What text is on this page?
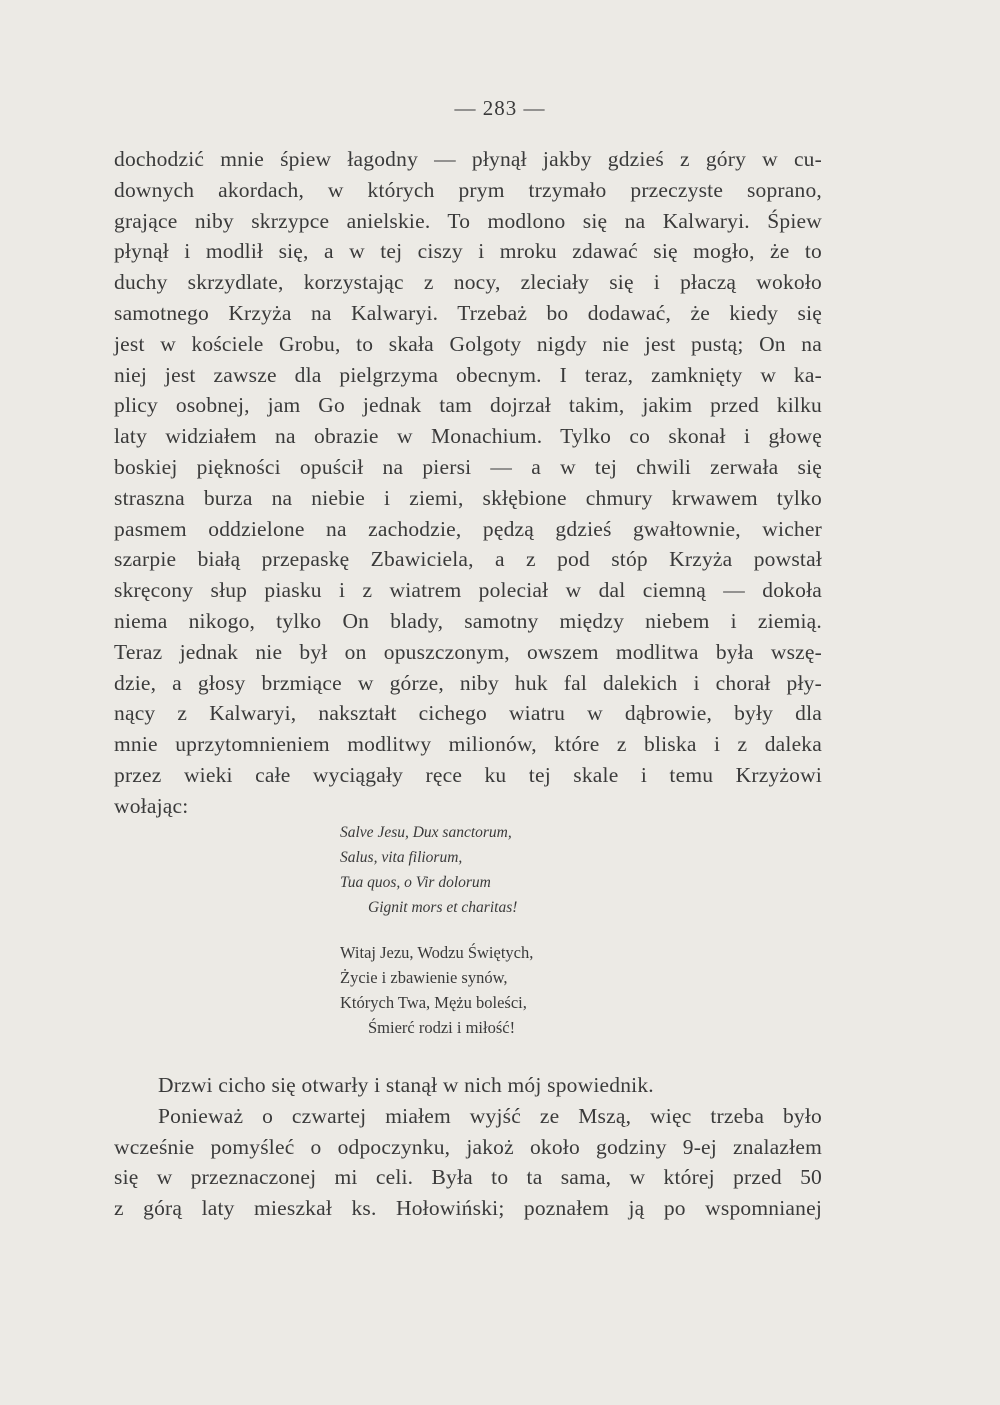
— 283 —
dochodzić mnie śpiew łagodny — płynął jakby gdzieś z góry w cu-
downych akordach, w których prym trzymało przeczyste soprano,
grające niby skrzypce anielskie. To modlono się na Kalwaryi. Śpiew
płynął i modlił się, a w tej ciszy i mroku zdawać się mogło, że to
duchy skrzydlate, korzystając z nocy, zleciały się i płaczą wokoło
samotnego Krzyża na Kalwaryi. Trzebaż bo dodawać, że kiedy się
jest w kościele Grobu, to skała Golgoty nigdy nie jest pustą; On na
niej jest zawsze dla pielgrzyma obecnym. I teraz, zamknięty w ka-
plicy osobnej, jam Go jednak tam dojrzał takim, jakim przed kilku
laty widziałem na obrazie w Monachium. Tylko co skonał i głowę
boskiej piękności opuścił na piersi — a w tej chwili zerwała się
straszna burza na niebie i ziemi, skłębione chmury krwawem tylko
pasmem oddzielone na zachodzie, pędzą gdzieś gwałtownie, wicher
szarpie białą przepaskę Zbawiciela, a z pod stóp Krzyża powstał
skręcony słup piasku i z wiatrem poleciał w dal ciemną — dokoła
niema nikogo, tylko On blady, samotny między niebem i ziemią.
Teraz jednak nie był on opuszczonym, owszem modlitwa była wszę-
dzie, a głosy brzmiące w górze, niby huk fal dalekich i chorał pły-
nący z Kalwaryi, nakształt cichego wiatru w dąbrowie, były dla
mnie uprzytomnieniem modlitwy milionów, które z bliska i z daleka
przez wieki całe wyciągały ręce ku tej skale i temu Krzyżowi
wołając:
Salve Jesu, Dux sanctorum,
Salus, vita filiorum,
Tua quos, o Vir dolorum
Gignit mors et charitas!
Witaj Jezu, Wodzu Świętych,
Życie i zbawienie synów,
Których Twa, Mężu boleści,
Śmierć rodzi i miłość!
Drzwi cicho się otwarły i stanął w nich mój spowiednik.
Ponieważ o czwartej miałem wyjść ze Mszą, więc trzeba było
wcześnie pomyśleć o odpoczynku, jakoż około godziny 9-ej znalazłem
się w przeznaczonej mi celi. Była to ta sama, w której przed 50
z górą laty mieszkał ks. Hołowiński; poznałem ją po wspomnianej
